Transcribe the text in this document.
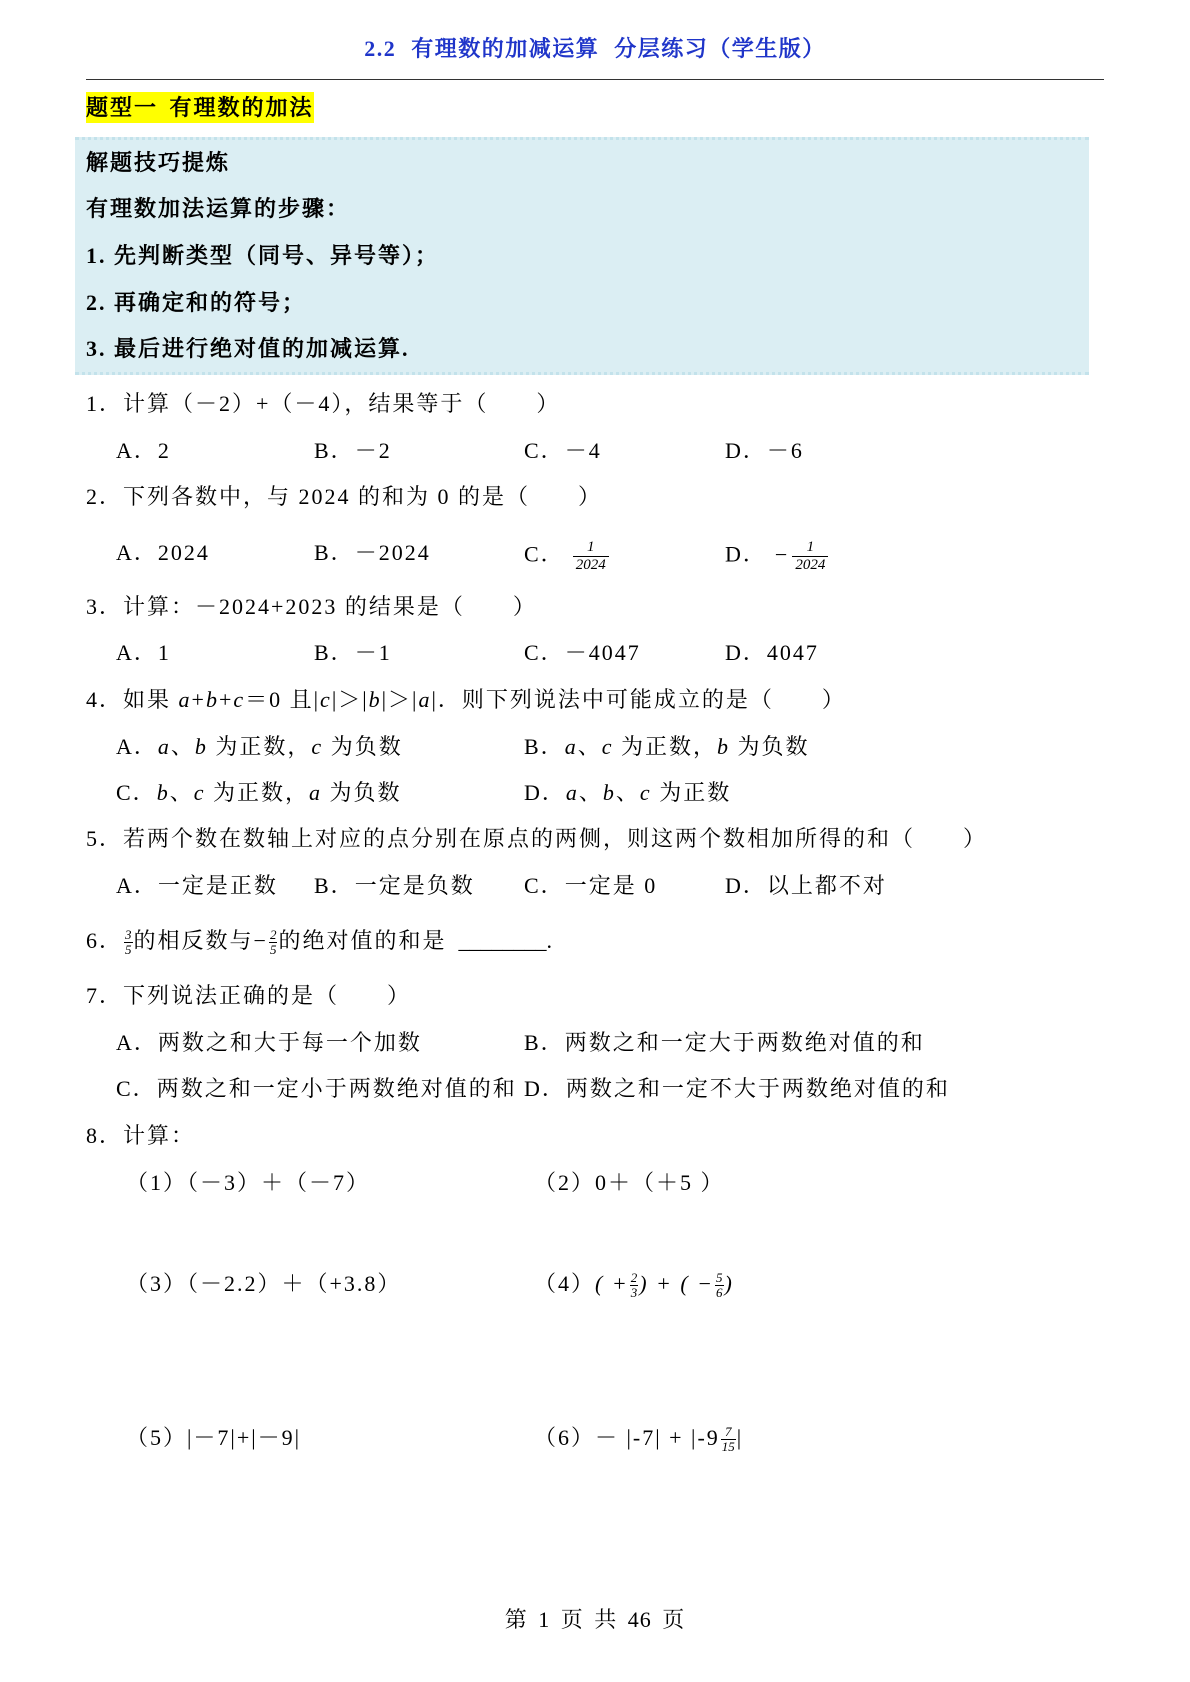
2.2 有理数的加减运算 分层练习（学生版）
题型一 有理数的加法
解题技巧提炼
有理数加法运算的步骤：
1. 先判断类型（同号、异号等）；
2. 再确定和的符号；
3. 最后进行绝对值的加减运算.
1．计算（－2）+（－4），结果等于（　　）
A．2	B．－2	C．－4	D．－6
2．下列各数中，与 2024 的和为 0 的是（　　）
A．2024	B．－2024	C． $\frac{1}{2024}$	D． − $\frac{1}{2024}$
3．计算：－2024+2023 的结果是（　　）
A．1	B．－1	C．－4047	D．4047
4．如果 a+b+c＝0 且|c|＞|b|＞|a|．则下列说法中可能成立的是（　　）
A．a、b 为正数，c 为负数	B．a、c 为正数，b 为负数
C．b、c 为正数，a 为负数	D．a、b、c 为正数
5．若两个数在数轴上对应的点分别在原点的两侧，则这两个数相加所得的和（　　）
A．一定是正数 B．一定是负数 C．一定是 0	D．以上都不对
6． $\frac{3}{5}$ 的相反数与− $\frac{2}{5}$ 的绝对值的和是 ________.
7．下列说法正确的是（　　）
A．两数之和大于每一个加数	B．两数之和一定大于两数绝对值的和
C．两数之和一定小于两数绝对值的和 D．两数之和一定不大于两数绝对值的和
8．计算：
（1）（－3）＋（－7）	（2）0＋（＋5 ）
（3）（－2.2）＋（+3.8）	$(4)( + \frac{2}{3}$ ) + ( − $\frac{5}{6}$ )
（5）|－7|+|－9|	$(6)- |-7| + |-9 \frac{7}{15}$ |
第 1 页 共 46 页
